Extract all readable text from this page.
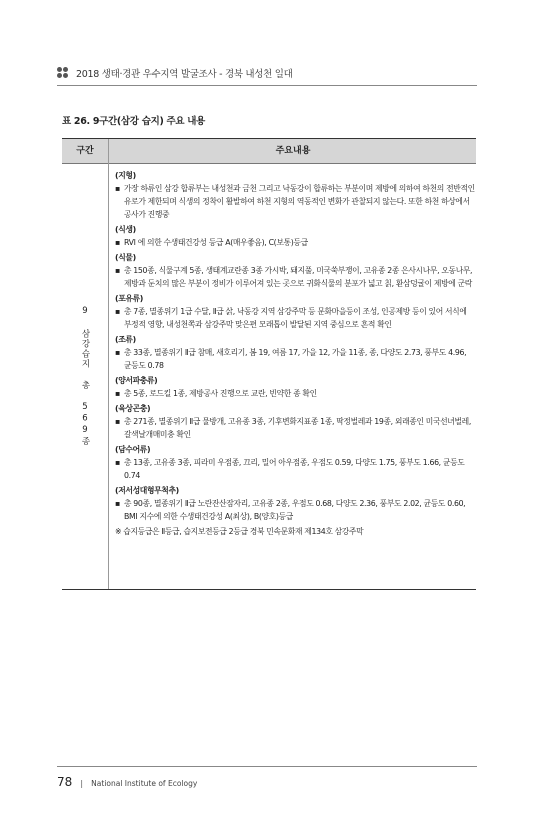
2018 생태·경관 우수지역 발굴조사 - 경북 내성천 일대
표 26. 9구간(삼강 습지) 주요 내용
구간	주요내용
9 삼강습지 총 569종
(지형)
▪ 가장 하류인 삼강 합류부는 내성천과 금천 그리고 낙동강이 합류하는 부분이며 제방에 의하여 하천의 전반적인 유로가 제한되며 식생의 정착이 활발하여 하천 지형의 역동적인 변화가 관찰되지 않는다. 또한 하천 하상에서 공사가 진행중
(식생)
▪ RVI 에 의한 수생태건강성 등급 A(매우좋음), C(보통)등급
(식물)
▪ 총 150종, 식물구계 5종, 생태계교란종 3종 가시박, 돼지풀, 미국쑥부쟁이, 고유종 2종 은사시나무, 오동나무, 제방과 둔치의 많은 부분이 정비가 이루어져 있는 곳으로 귀화식물의 분포가 넓고 칡, 환삼덩굴이 제방에 군락
(포유류)
▪ 총 7종, 멸종위기 1급 수달, Ⅱ급 삵, 낙동강 지역 삼강주막 등 문화마을등이 조성, 인공제방 등이 있어 서식에 부정적 영향, 내성천쪽과 삼강주막 맞은편 모래톱이 발달된 지역 중심으로 흔적 확인
(조류)
▪ 총 33종, 멸종위기 Ⅱ급 참매, 새호리기, 봄 19, 여름 17, 가을 12, 가을 11종, 종, 다양도 2.73, 풍부도 4.96, 균등도 0.78
(양서파충류)
▪ 총 5종, 로드킬 1종, 제방공사 진행으로 교란, 빈약한 종 확인
(육상곤충)
▪ 총 271종, 멸종위기 Ⅱ급 물방개, 고유종 3종, 기후변화지표종 1종, 딱정벌레과 19종, 외래종인 미국선녀벌레, 갈색날개매미충 확인
(담수어류)
▪ 총 13종, 고유종 3종, 피라미 우점종, 끄리, 밀어 아우점종, 우점도 0.59, 다양도 1.75, 풍부도 1.66, 균등도 0.74
(저서성대형무척추)
▪ 총 90종, 멸종위기 Ⅱ급 노란잔산잠자리, 고유종 2종, 우점도 0.68, 다양도 2.36, 풍부도 2.02, 균등도 0.60, BMI 지수에 의한 수생태건강성 A(최상), B(양호)등급
※ 습지등급은 Ⅱ등급, 습지보전등급 2등급 경북 민속문화재 제134호 삼강주막
78 | National Institute of Ecology
